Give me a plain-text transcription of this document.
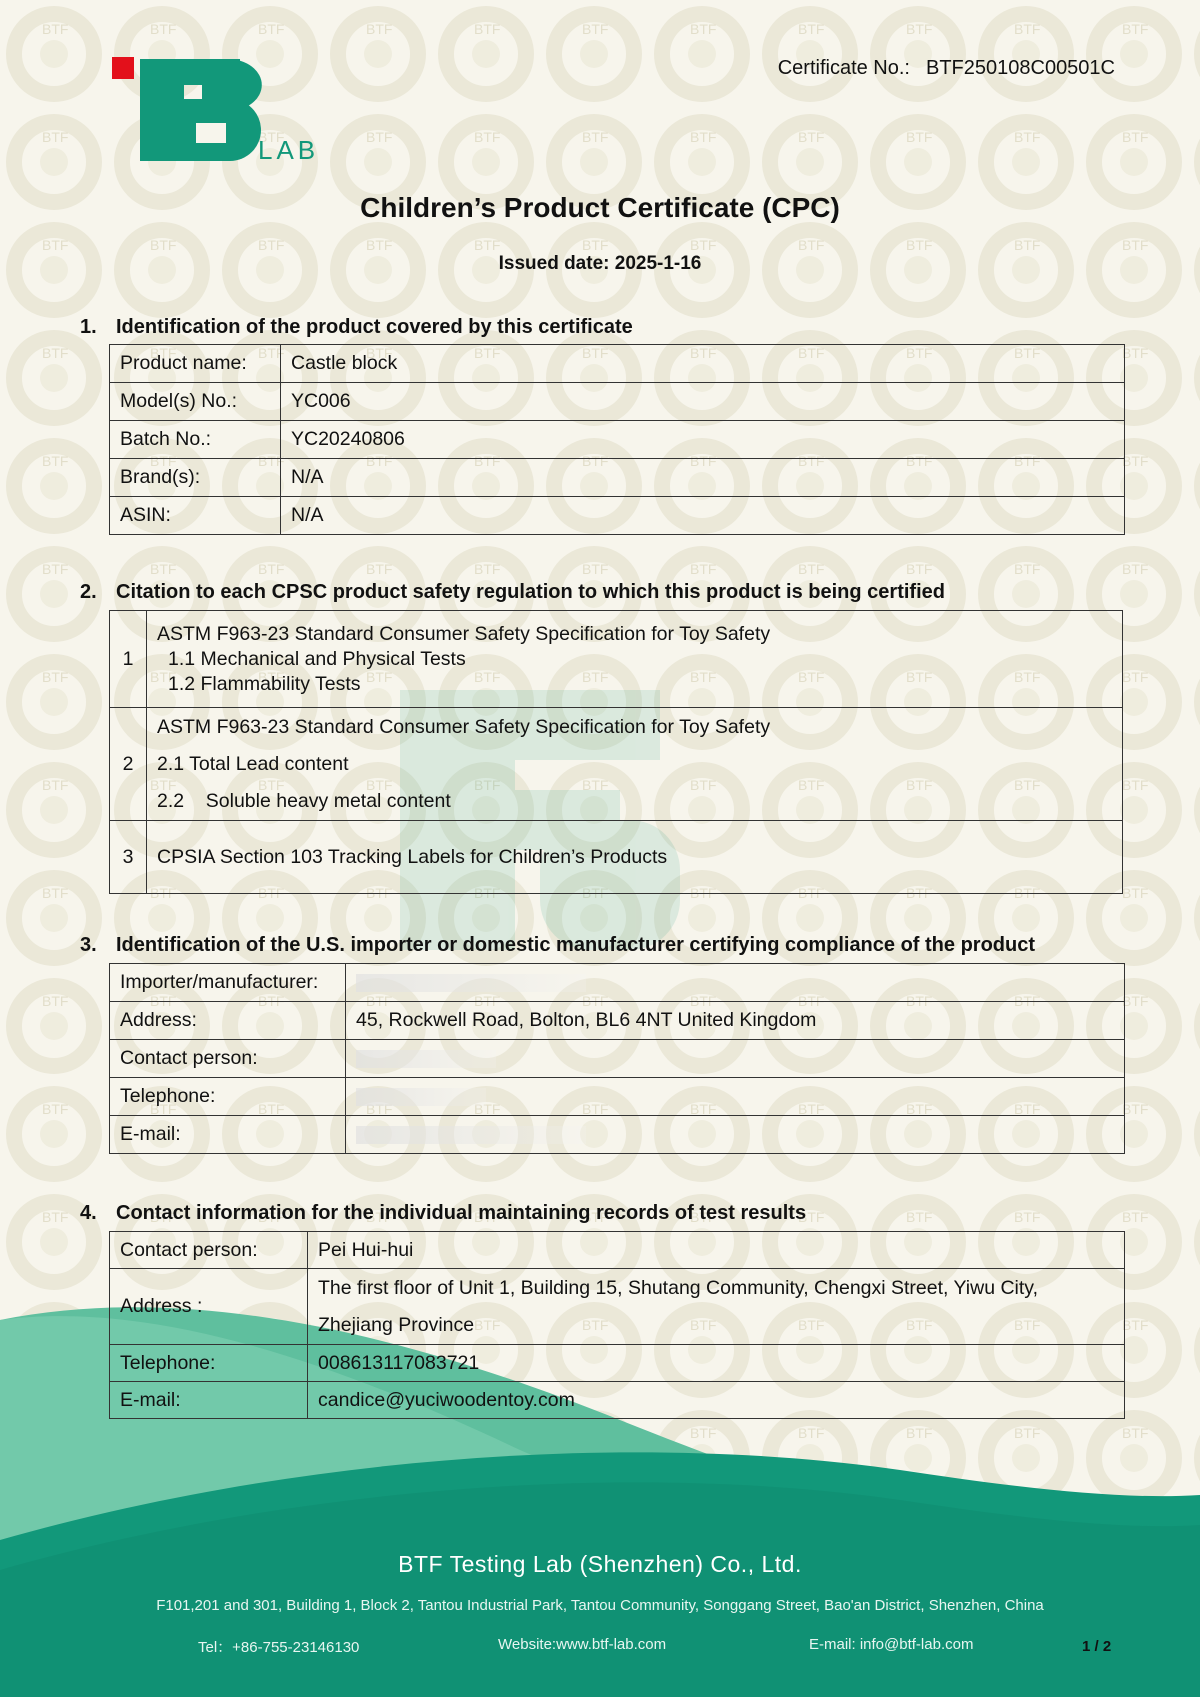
LAB
Certificate No.: BTF250108C00501C
Children’s Product Certificate (CPC)
Issued date: 2025-1-16
1. Identification of the product covered by this certificate
Product name:	Castle block
Model(s) No.:	YC006
Batch No.:	YC20240806
Brand(s):	N/A
ASIN:	N/A
2. Citation to each CPSC product safety regulation to which this product is being certified
1	ASTM F963-23 Standard Consumer Safety Specification for Toy Safety
1.1 Mechanical and Physical Tests
1.2 Flammability Tests

2	ASTM F963-23 Standard Consumer Safety Specification for Toy Safety
2.1 Total Lead content
2.2    Soluble heavy metal content

3	CPSIA Section 103 Tracking Labels for Children’s Products
3. Identification of the U.S. importer or domestic manufacturer certifying compliance of the product
Importer/manufacturer:	
Address:	45, Rockwell Road, Bolton, BL6 4NT United Kingdom
Contact person:	
Telephone:	
E-mail:	
4. Contact information for the individual maintaining records of test results
Contact person:	Pei Hui-hui
Address :	The first floor of Unit 1, Building 15, Shutang Community, Chengxi Street, Yiwu City, Zhejiang Province
Telephone:	008613117083721
E-mail:	candice@yuciwoodentoy.com
BTF Testing Lab (Shenzhen) Co., Ltd.
F101,201 and 301, Building 1, Block 2, Tantou Industrial Park, Tantou Community, Songgang Street, Bao'an District, Shenzhen, China
Tel：+86-755-23146130	Website:www.btf-lab.com	E-mail: info@btf-lab.com	1 / 2
